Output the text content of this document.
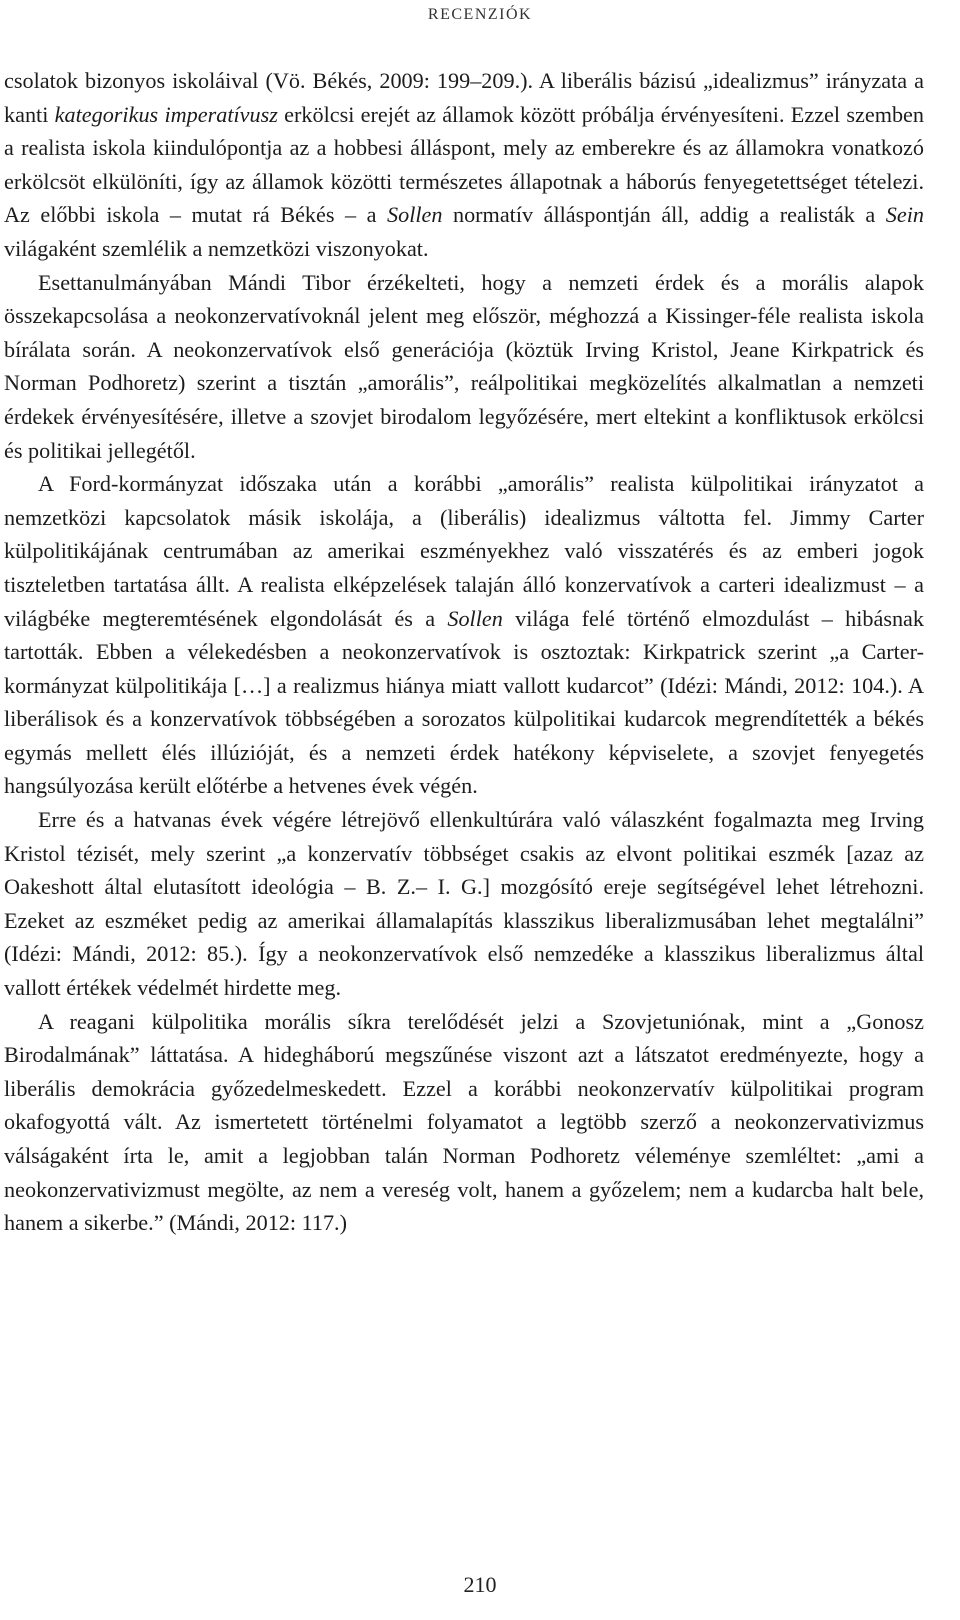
RECENZIÓK

csolatok bizonyos iskoláival (Vö. Békés, 2009: 199–209.). A liberális bázisú „idealizmus” irányzata a kanti kategorikus imperatívusz erkölcsi erejét az államok között próbálja érvényesíteni. Ezzel szemben a realista iskola kiindulópontja az a hobbesi álláspont, mely az emberekre és az államokra vonatkozó erkölcsöt elkülöníti, így az államok közötti természetes állapotnak a háborús fenyegetettséget tételezi. Az előbbi iskola – mutat rá Békés – a Sollen normatív álláspontján áll, addig a realisták a Sein világaként szemlélik a nemzetközi viszonyokat.

Esettanulmányában Mándi Tibor érzékelteti, hogy a nemzeti érdek és a morális alapok összekapcsolása a neokonzervatívoknál jelent meg először, méghozzá a Kissinger-féle realista iskola bírálata során. A neokonzervatívok első generációja (köztük Irving Kristol, Jeane Kirkpatrick és Norman Podhoretz) szerint a tisztán „amorális”, reálpolitikai megközelítés alkalmatlan a nemzeti érdekek érvényesítésére, illetve a szovjet birodalom legyőzésére, mert eltekint a konfliktusok erkölcsi és politikai jellegétől.

A Ford-kormányzat időszaka után a korábbi „amorális” realista külpolitikai irányzatot a nemzetközi kapcsolatok másik iskolája, a (liberális) idealizmus váltotta fel. Jimmy Carter külpolitikájának centrumában az amerikai eszményekhez való visszatérés és az emberi jogok tiszteletben tartatása állt. A realista elképzelések talaján álló konzervatívok a carteri idealizmust – a világbéke megteremtésének elgondolását és a Sollen világa felé történő elmozdulást – hibásnak tartották. Ebben a vélekedésben a neokonzervatívok is osztoztak: Kirkpatrick szerint „a Carter-kormányzat külpolitikája […] a realizmus hiánya miatt vallott kudarcot” (Idézi: Mándi, 2012: 104.). A liberálisok és a konzervatívok többségében a sorozatos külpolitikai kudarcok megrendítették a békés egymás mellett élés illúzióját, és a nemzeti érdek hatékony képviselete, a szovjet fenyegetés hangsúlyozása került előtérbe a hetvenes évek végén.

Erre és a hatvanas évek végére létrejövő ellenkultúrára való válaszként fogalmazta meg Irving Kristol tézisét, mely szerint „a konzervatív többséget csakis az elvont politikai eszmék [azaz az Oakeshott által elutasított ideológia – B. Z.– I. G.] mozgósító ereje segítségével lehet létrehozni. Ezeket az eszméket pedig az amerikai államalapítás klasszikus liberalizmusában lehet megtalálni” (Idézi: Mándi, 2012: 85.). Így a neokonzervatívok első nemzedéke a klasszikus liberalizmus által vallott értékek védelmét hirdette meg.

A reagani külpolitika morális síkra terelődését jelzi a Szovjetuniónak, mint a „Gonosz Birodalmának” láttatása. A hidegháború megszűnése viszont azt a látszatot eredményezte, hogy a liberális demokrácia győzedelmeskedett. Ezzel a korábbi neokonzervatív külpolitikai program okafogyottá vált. Az ismertetett történelmi folyamatot a legtöbb szerző a neokonzervativizmus válságaként írta le, amit a legjobban talán Norman Podhoretz véleménye szemléltet: „ami a neokonzervativizmust megölte, az nem a vereség volt, hanem a győzelem; nem a kudarcba halt bele, hanem a sikerbe.” (Mándi, 2012: 117.)

210
